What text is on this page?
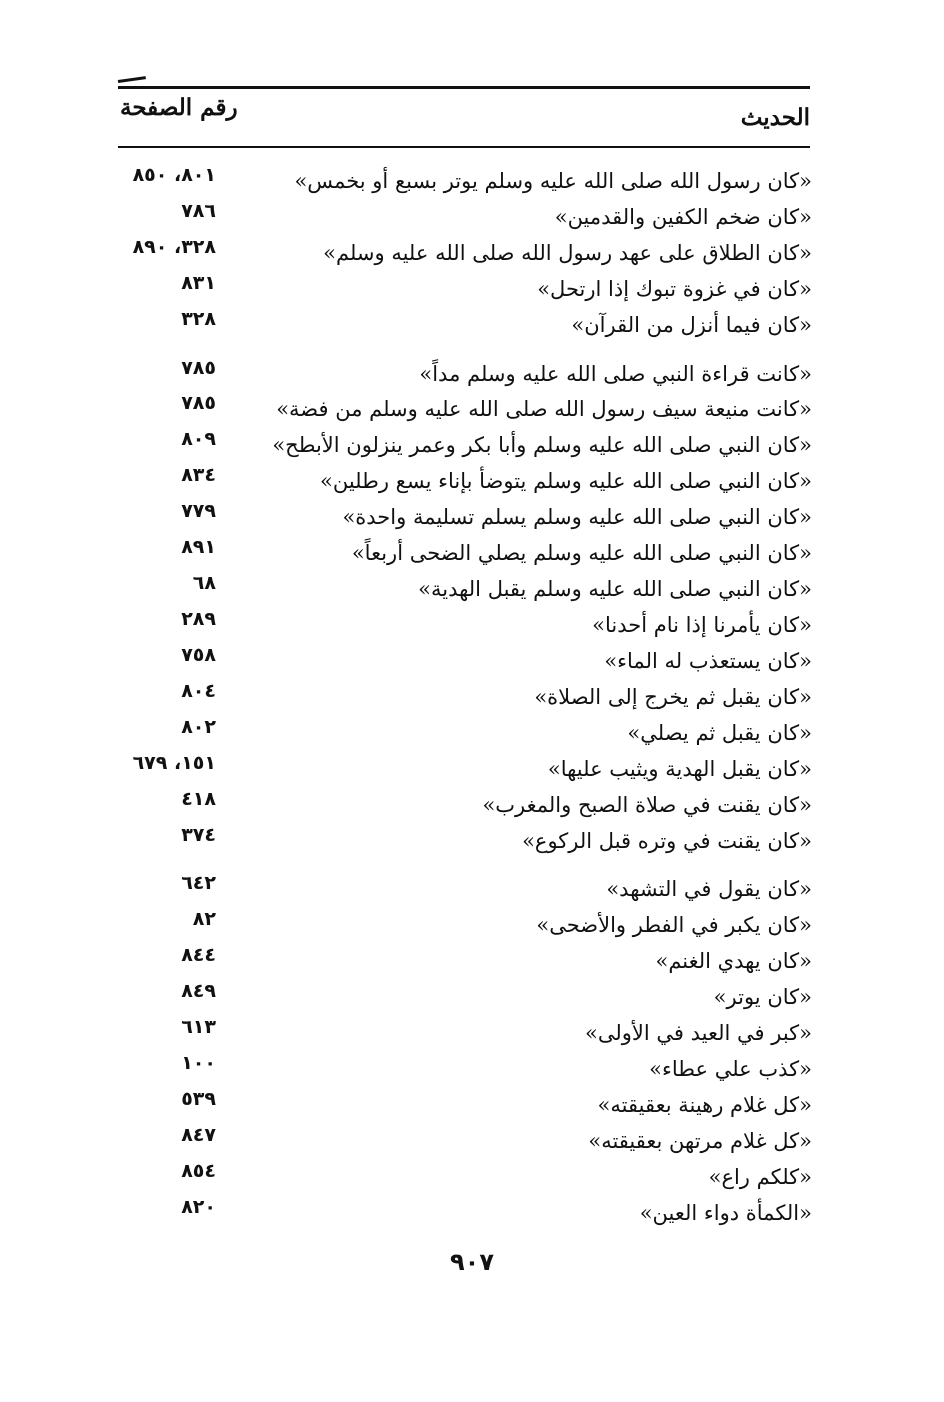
الحديث
رقم الصفحة
«كان رسول الله صلى الله عليه وسلم يوتر بسبع أو بخمس»
٨٠١، ٨٥٠
«كان ضخم الكفين والقدمين»
٧٨٦
«كان الطلاق على عهد رسول الله صلى الله عليه وسلم»
٣٢٨، ٨٩٠
«كان في غزوة تبوك إذا ارتحل»
٨٣١
«كان فيما أنزل من القرآن»
٣٢٨
«كانت قراءة النبي صلى الله عليه وسلم مداً»
٧٨٥
«كانت منيعة سيف رسول الله صلى الله عليه وسلم من فضة»
٧٨٥
«كان النبي صلى الله عليه وسلم وأبا بكر وعمر ينزلون الأبطح»
٨٠٩
«كان النبي صلى الله عليه وسلم يتوضأ بإناء يسع رطلين»
٨٣٤
«كان النبي صلى الله عليه وسلم يسلم تسليمة واحدة»
٧٧٩
«كان النبي صلى الله عليه وسلم يصلي الضحى أربعاً»
٨٩١
«كان النبي صلى الله عليه وسلم يقبل الهدية»
٦٨
«كان يأمرنا إذا نام أحدنا»
٢٨٩
«كان يستعذب له الماء»
٧٥٨
«كان يقبل ثم يخرج إلى الصلاة»
٨٠٤
«كان يقبل ثم يصلي»
٨٠٢
«كان يقبل الهدية ويثيب عليها»
١٥١، ٦٧٩
«كان يقنت في صلاة الصبح والمغرب»
٤١٨
«كان يقنت في وتره قبل الركوع»
٣٧٤
«كان يقول في التشهد»
٦٤٢
«كان يكبر في الفطر والأضحى»
٨٢
«كان يهدي الغنم»
٨٤٤
«كان يوتر»
٨٤٩
«كبر في العيد في الأولى»
٦١٣
«كذب علي عطاء»
١٠٠
«كل غلام رهينة بعقيقته»
٥٣٩
«كل غلام مرتهن بعقيقته»
٨٤٧
«كلكم راع»
٨٥٤
«الكمأة دواء العين»
٨٢٠
٩٠٧
